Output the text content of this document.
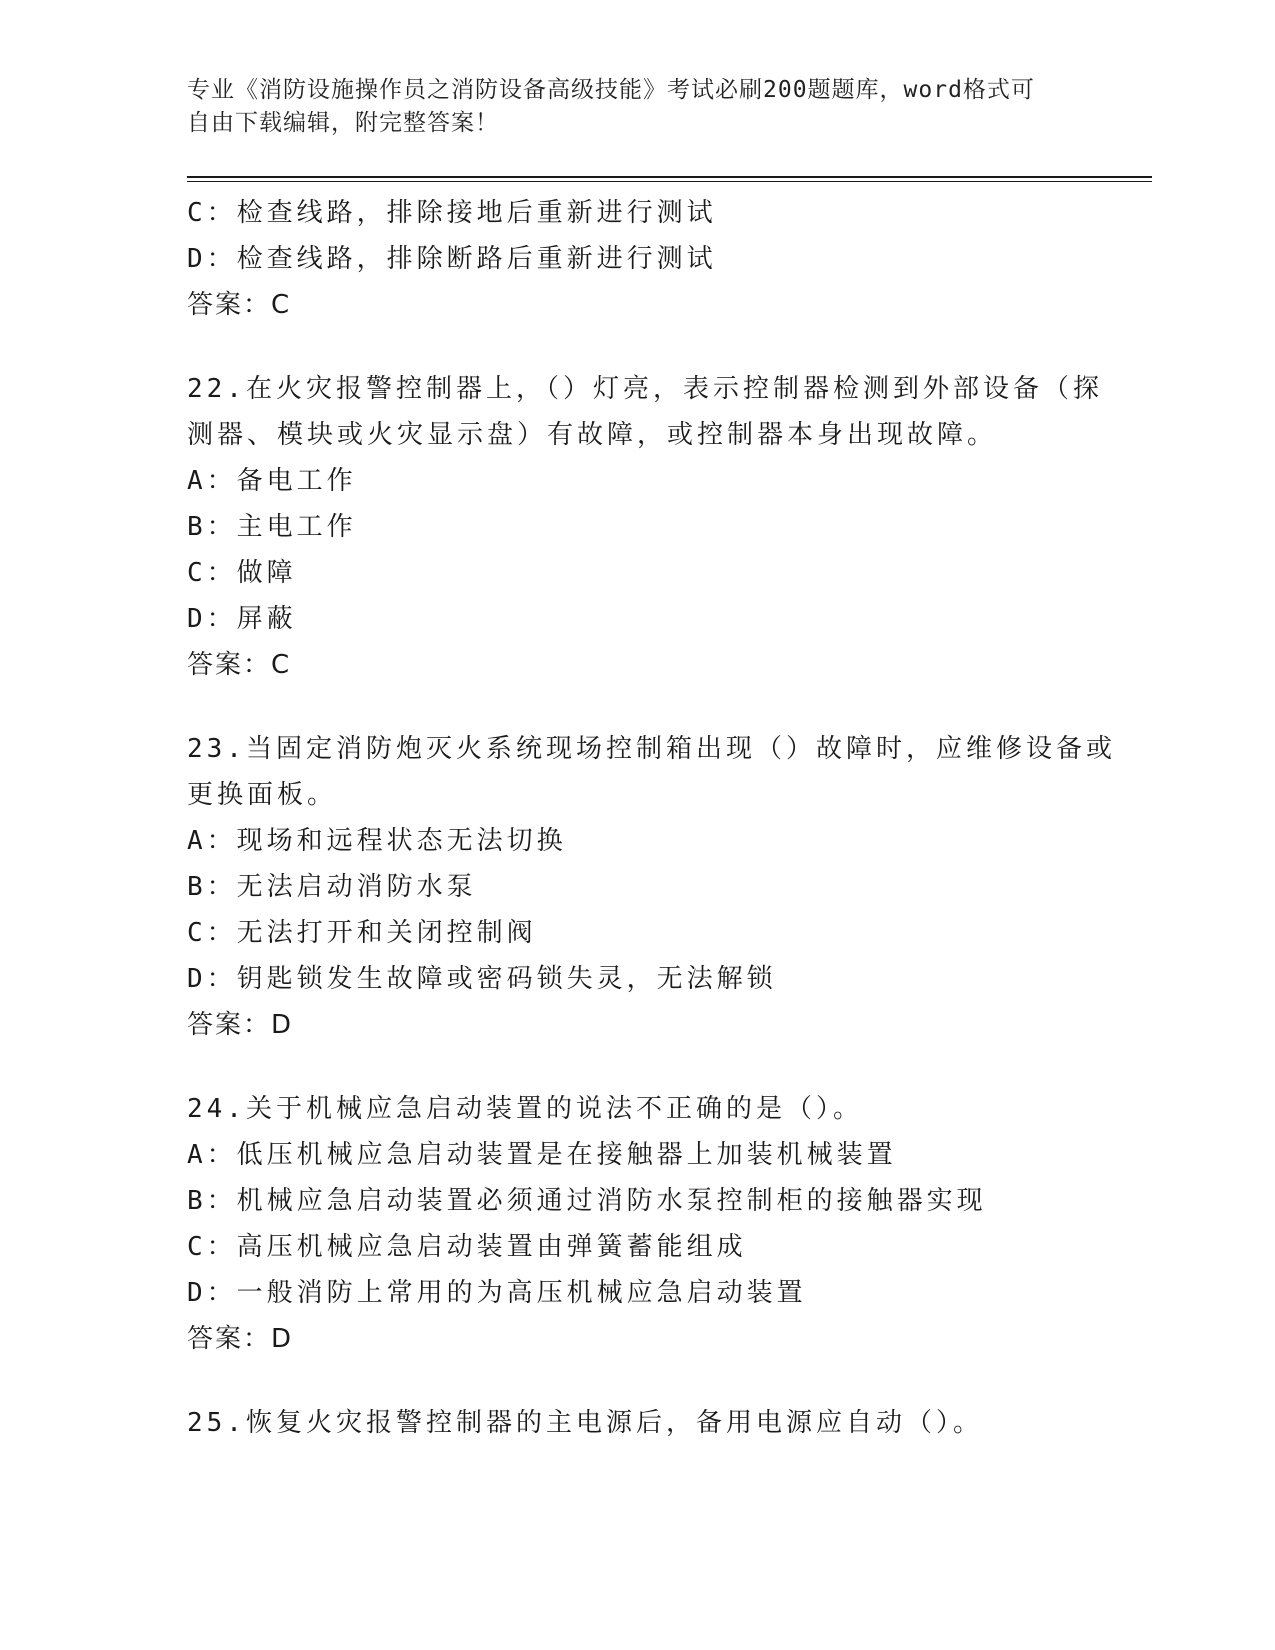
专业《消防设施操作员之消防设备高级技能》考试必刷200题题库，word格式可
自由下载编辑，附完整答案！
C：检查线路，排除接地后重新进行测试
D：检查线路，排除断路后重新进行测试
答案：C
22.在火灾报警控制器上，（）灯亮，表示控制器检测到外部设备（探
测器、模块或火灾显示盘）有故障，或控制器本身出现故障。
A：备电工作
B：主电工作
C：做障
D：屏蔽
答案：C
23.当固定消防炮灭火系统现场控制箱出现（）故障时，应维修设备或
更换面板。
A：现场和远程状态无法切换
B：无法启动消防水泵
C：无法打开和关闭控制阀
D：钥匙锁发生故障或密码锁失灵，无法解锁
答案：D
24.关于机械应急启动装置的说法不正确的是（）。
A：低压机械应急启动装置是在接触器上加装机械装置
B：机械应急启动装置必须通过消防水泵控制柜的接触器实现
C：高压机械应急启动装置由弹簧蓄能组成
D：一般消防上常用的为高压机械应急启动装置
答案：D
25.恢复火灾报警控制器的主电源后，备用电源应自动（）。
